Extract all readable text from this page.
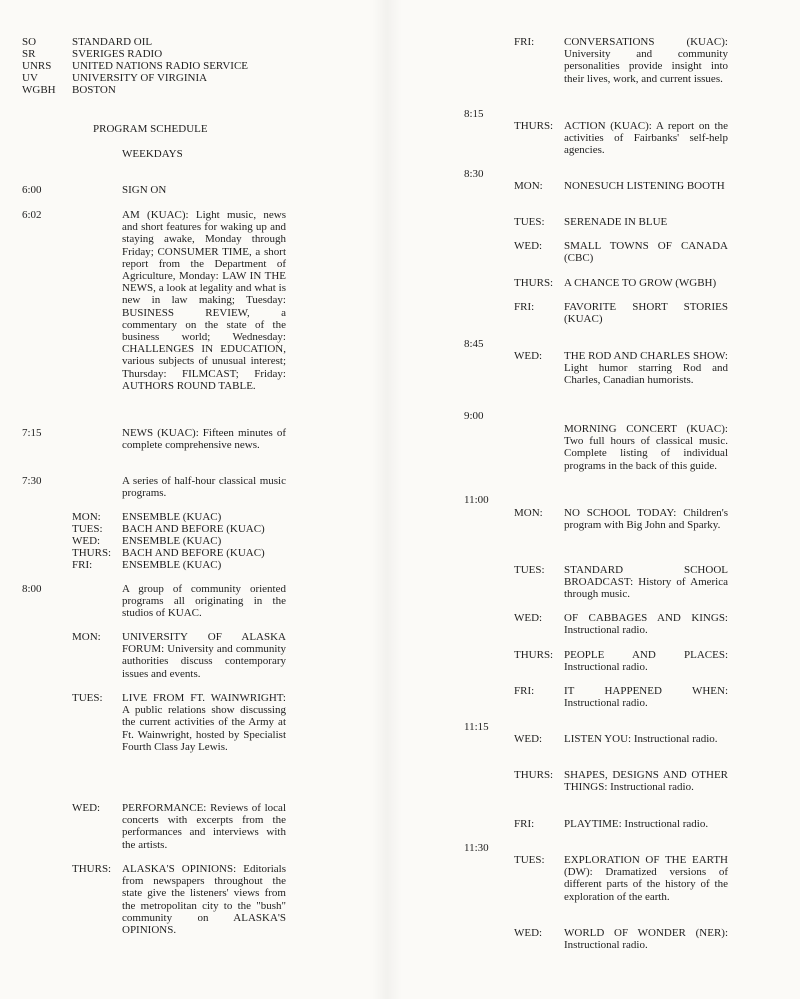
SO	STANDARD OIL
SR	SVERIGES RADIO
UNRS UNITED NATIONS RADIO SERVICE
UV	UNIVERSITY OF VIRGINIA
WGBH BOSTON
PROGRAM SCHEDULE
WEEKDAYS
6:00	SIGN ON
6:02	AM (KUAC): Light music, news and short features for waking up and staying awake, Monday through Friday; CONSUMER TIME, a short report from the Department of Agriculture, Monday: LAW IN THE NEWS, a look at legality and what is new in law making; Tuesday: BUSINESS REVIEW, a commentary on the state of the business world; Wednesday: CHALLENGES IN EDUCATION, various subjects of unusual interest; Thursday: FILMCAST; Friday: AUTHORS ROUND TABLE.
7:15	NEWS (KUAC): Fifteen minutes of complete comprehensive news.
7:30	A series of half-hour classical music programs.
MON: ENSEMBLE (KUAC)
TUES: BACH AND BEFORE (KUAC)
WED: ENSEMBLE (KUAC)
THURS: BACH AND BEFORE (KUAC)
FRI:	ENSEMBLE (KUAC)
8:00	A group of community oriented programs all originating in the studios of KUAC.
MON: UNIVERSITY OF ALASKA FORUM: University and community authorities discuss contemporary issues and events.
TUES: LIVE FROM FT. WAINWRIGHT: A public relations show discussing the current activities of the Army at Ft. Wainwright, hosted by Specialist Fourth Class Jay Lewis.
WED: PERFORMANCE: Reviews of local concerts with excerpts from the performances and interviews with the artists.
THURS: ALASKA'S OPINIONS: Editorials from newspapers throughout the state give the listeners' views from the metropolitan city to the "bush" community on ALASKA'S OPINIONS.
FRI:	CONVERSATIONS (KUAC): University and community personalities provide insight into their lives, work, and current issues.
8:15
THURS: ACTION (KUAC): A report on the activities of Fairbanks' self-help agencies.
8:30
MON: NONESUCH LISTENING BOOTH
TUES: SERENADE IN BLUE
WED: SMALL TOWNS OF CANADA (CBC)
THURS: A CHANCE TO GROW (WGBH)
FRI:	FAVORITE SHORT STORIES (KUAC)
8:45
WED: THE ROD AND CHARLES SHOW: Light humor starring Rod and Charles, Canadian humorists.
9:00
MORNING CONCERT (KUAC): Two full hours of classical music. Complete listing of individual programs in the back of this guide.
11:00
MON: NO SCHOOL TODAY: Children's program with Big John and Sparky.
TUES: STANDARD SCHOOL BROADCAST: History of America through music.
WED: OF CABBAGES AND KINGS: Instructional radio.
THURS: PEOPLE AND PLACES: Instructional radio.
FRI:	IT HAPPENED WHEN: Instructional radio.
11:15
WED: LISTEN YOU: Instructional radio.
THURS: SHAPES, DESIGNS AND OTHER THINGS: Instructional radio.
FRI:	PLAYTIME: Instructional radio.
11:30
TUES: EXPLORATION OF THE EARTH (DW): Dramatized versions of different parts of the history of the exploration of the earth.
WED: WORLD OF WONDER (NER): Instructional radio.
